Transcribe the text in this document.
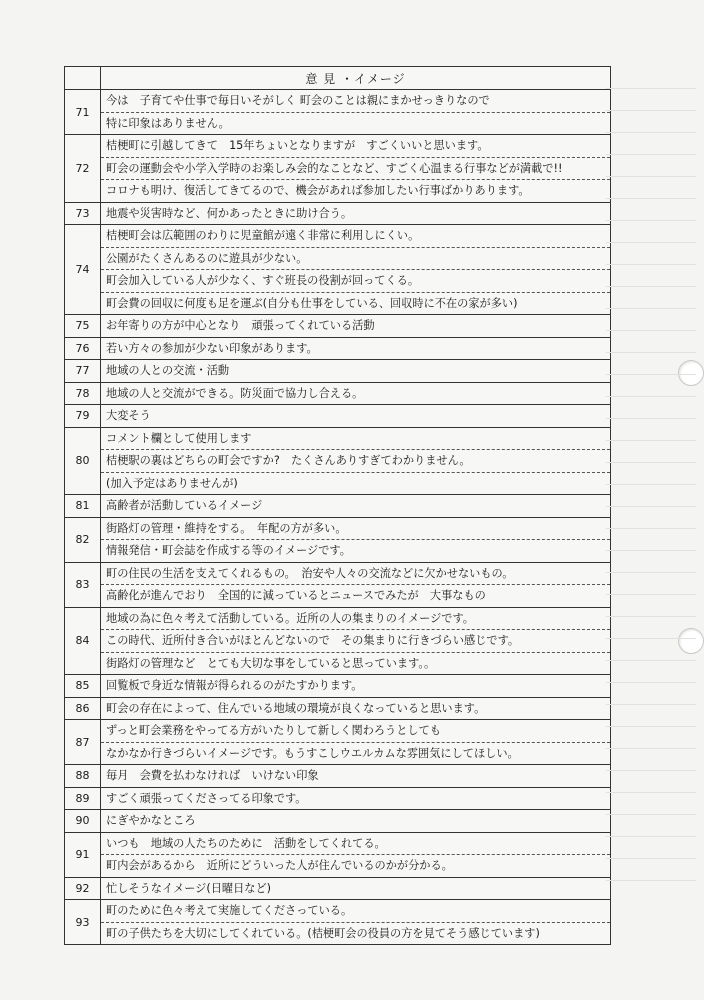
	意 見 ・イメージ
71	今は　子育てや仕事で毎日いそがしく 町会のことは親にまかせっきりなので
特に印象はありません。

72	桔梗町に引越してきて　15年ちょいとなりますが　すごくいいと思います。
町会の運動会や小学入学時のお楽しみ会的なことなど、すごく心温まる行事などが満載で!!
コロナも明け、復活してきてるので、機会があれば参加したい行事ばかりあります。

73	地震や災害時など、何かあったときに助け合う。

74	桔梗町会は広範囲のわりに児童館が遠く非常に利用しにくい。
公園がたくさんあるのに遊具が少ない。
町会加入している人が少なく、すぐ班長の役割が回ってくる。
町会費の回収に何度も足を運ぶ(自分も仕事をしている、回収時に不在の家が多い)

75	お年寄りの方が中心となり　頑張ってくれている活動

76	若い方々の参加が少ない印象があります。

77	地域の人との交流・活動

78	地域の人と交流ができる。防災面で協力し合える。

79	大変そう

80	コメント欄として使用します
桔梗駅の裏はどちらの町会ですか?　たくさんありすぎてわかりません。
(加入予定はありませんが)

81	高齢者が活動しているイメージ

82	街路灯の管理・維持をする。　年配の方が多い。
情報発信・町会誌を作成する等のイメージです。

83	町の住民の生活を支えてくれるもの。　治安や人々の交流などに欠かせないもの。
高齢化が進んでおり　全国的に減っているとニュースでみたが　大事なもの

84	地域の為に色々考えて活動している。近所の人の集まりのイメージです。
この時代、近所付き合いがほとんどないので　その集まりに行きづらい感じです。
街路灯の管理など　とても大切な事をしていると思っています。。

85	回覧板で身近な情報が得られるのがたすかります。

86	町会の存在によって、住んでいる地域の環境が良くなっていると思います。

87	ずっと町会業務をやってる方がいたりして新しく関わろうとしても
なかなか行きづらいイメージです。もうすこしウエルカムな雰囲気にしてほしい。

88	毎月　会費を払わなければ　いけない印象

89	すごく頑張ってくださってる印象です。

90	にぎやかなところ

91	いつも　地域の人たちのために　活動をしてくれてる。
町内会があるから　近所にどういった人が住んでいるのかが分かる。

92	忙しそうなイメージ(日曜日など)

93	町のために色々考えて実施してくださっている。
町の子供たちを大切にしてくれている。(桔梗町会の役員の方を見てそう感じています)
